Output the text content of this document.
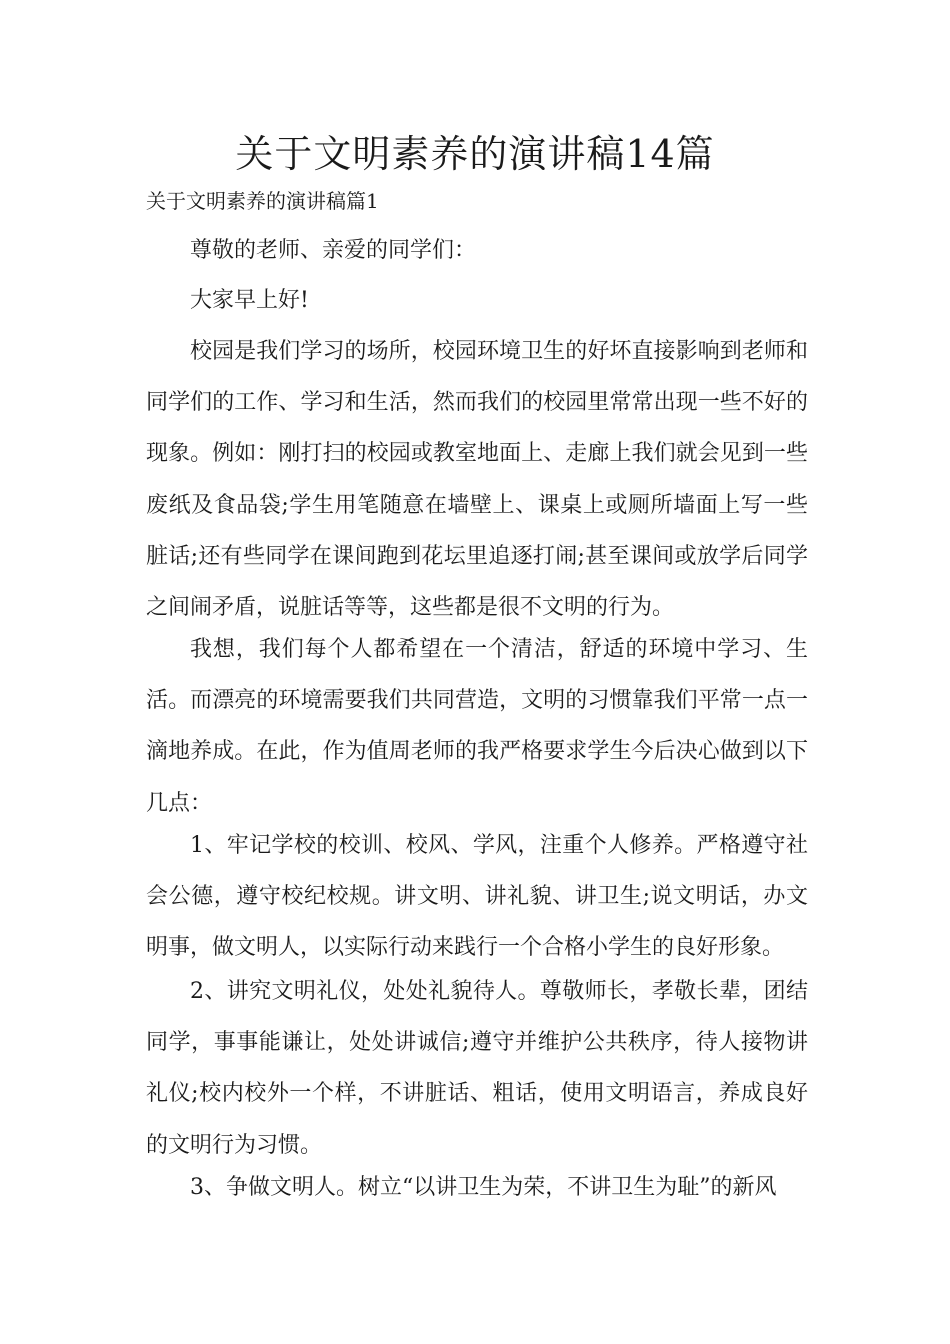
关于文明素养的演讲稿14篇

关于文明素养的演讲稿篇1

尊敬的老师、亲爱的同学们：

大家早上好!

校园是我们学习的场所，校园环境卫生的好坏直接影响到老师和同学们的工作、学习和生活，然而我们的校园里常常出现一些不好的现象。例如：刚打扫的校园或教室地面上、走廊上我们就会见到一些废纸及食品袋;学生用笔随意在墙壁上、课桌上或厕所墙面上写一些脏话;还有些同学在课间跑到花坛里追逐打闹;甚至课间或放学后同学之间闹矛盾，说脏话等等，这些都是很不文明的行为。

我想，我们每个人都希望在一个清洁，舒适的环境中学习、生活。而漂亮的环境需要我们共同营造，文明的习惯靠我们平常一点一滴地养成。在此，作为值周老师的我严格要求学生今后决心做到以下几点：

1、牢记学校的校训、校风、学风，注重个人修养。严格遵守社会公德，遵守校纪校规。讲文明、讲礼貌、讲卫生;说文明话，办文明事，做文明人，以实际行动来践行一个合格小学生的良好形象。

2、讲究文明礼仪，处处礼貌待人。尊敬师长，孝敬长辈，团结同学，事事能谦让，处处讲诚信;遵守并维护公共秩序，待人接物讲礼仪;校内校外一个样，不讲脏话、粗话，使用文明语言，养成良好的文明行为习惯。

3、争做文明人。树立“以讲卫生为荣，不讲卫生为耻”的新风
